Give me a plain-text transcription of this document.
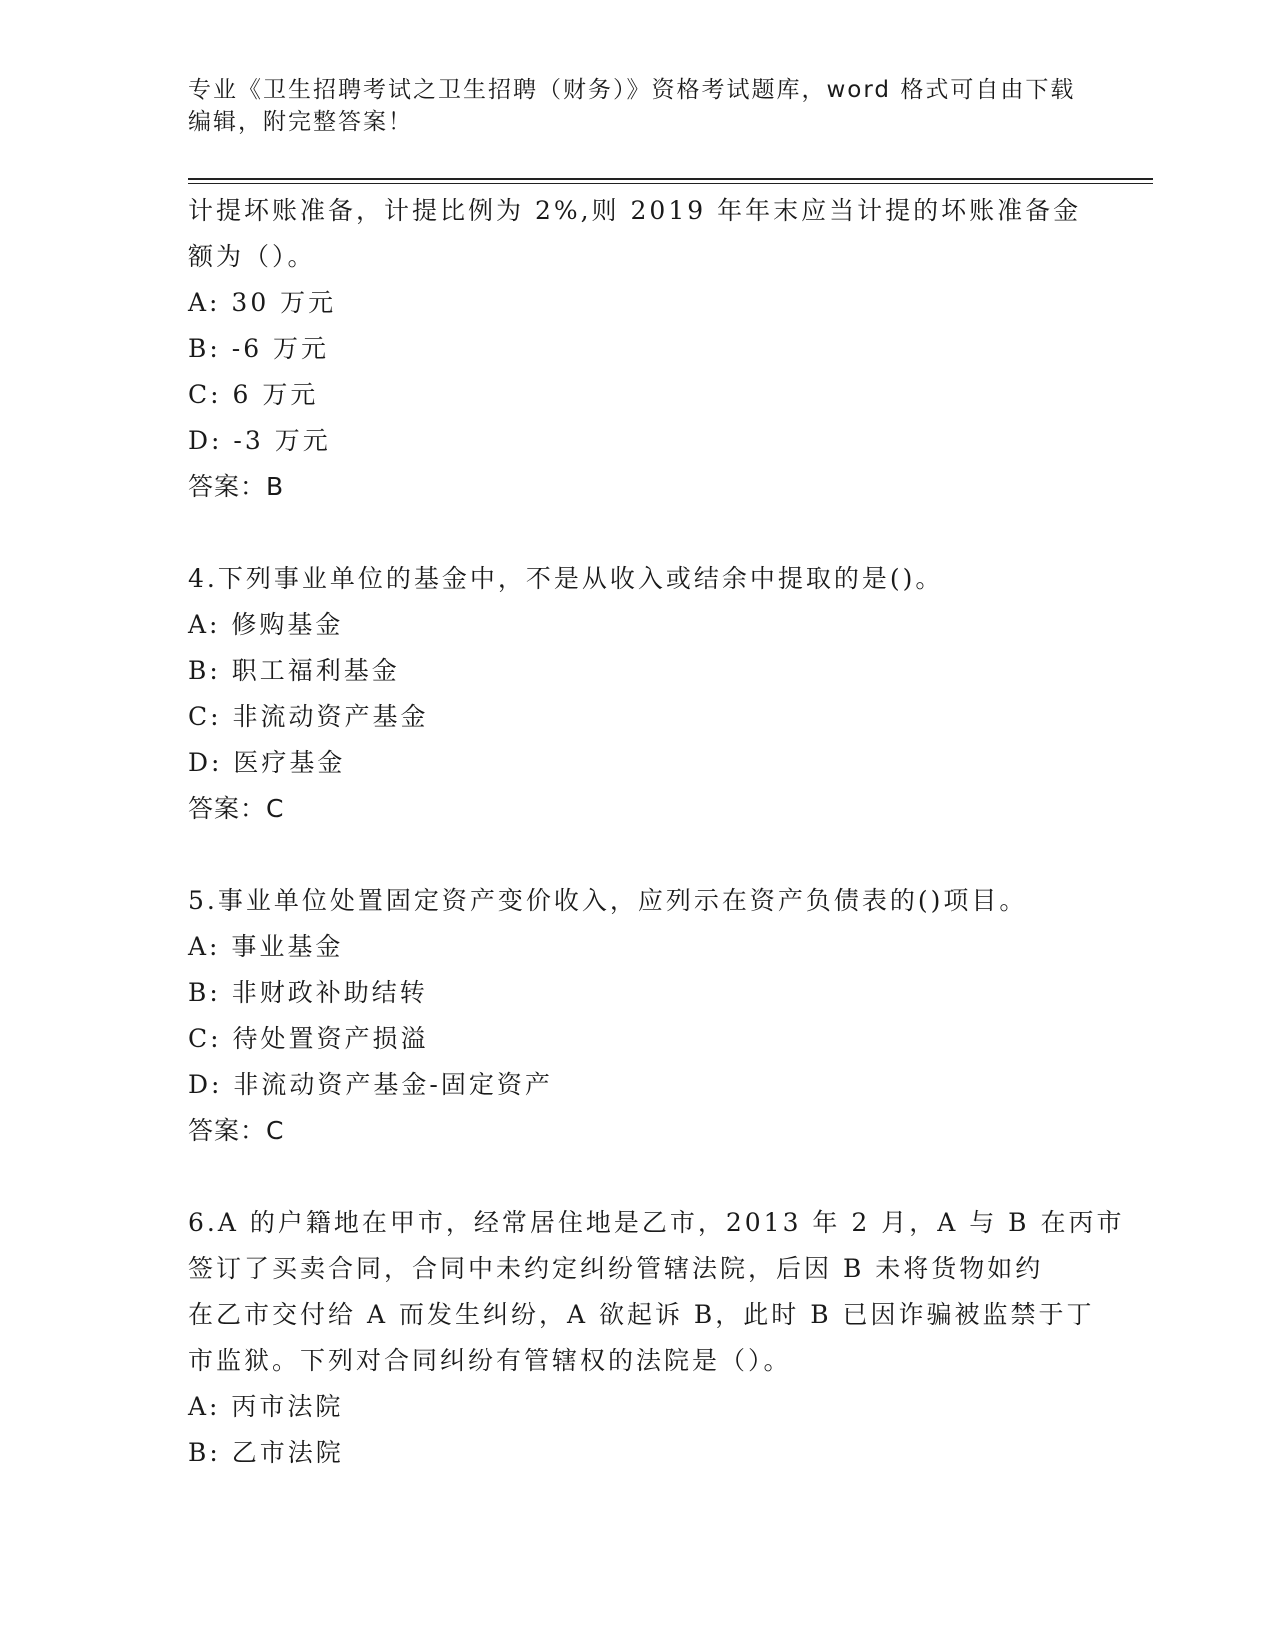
专业《卫生招聘考试之卫生招聘（财务）》资格考试题库，word 格式可自由下载
编辑，附完整答案！
计提坏账准备，计提比例为 2%,则 2019 年年末应当计提的坏账准备金
额为（）。
A: 30 万元
B: -6 万元
C: 6 万元
D: -3 万元
答案：B
4.下列事业单位的基金中，不是从收入或结余中提取的是()。
A: 修购基金
B: 职工福利基金
C: 非流动资产基金
D: 医疗基金
答案：C
5.事业单位处置固定资产变价收入，应列示在资产负债表的()项目。
A: 事业基金
B: 非财政补助结转
C: 待处置资产损溢
D: 非流动资产基金-固定资产
答案：C
6.A 的户籍地在甲市，经常居住地是乙市，2013 年 2 月，A 与 B 在丙市
签订了买卖合同，合同中未约定纠纷管辖法院，后因 B 未将货物如约
在乙市交付给 A 而发生纠纷，A 欲起诉 B，此时 B 已因诈骗被监禁于丁
市监狱。下列对合同纠纷有管辖权的法院是（）。
A: 丙市法院
B: 乙市法院
